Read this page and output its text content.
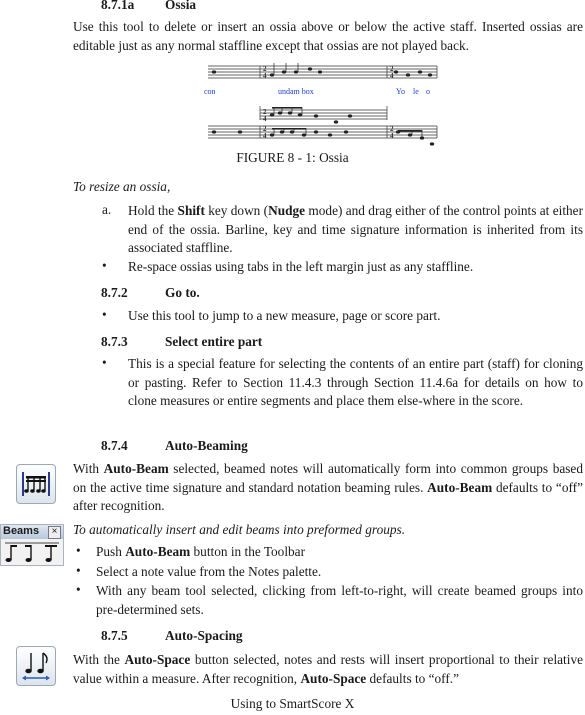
8.7.1a Ossia
Use this tool to delete or insert an ossia above or below the active staff. Inserted ossias are editable just as any normal staffline except that ossias are not played back.
2
4
2
4
2
4
2
4
2
4
con	undam box	Yo le o
FIGURE 8 - 1: Ossia
To resize an ossia,
a. Hold the Shift key down (Nudge mode) and drag either of the control points at either end of the ossia. Barline, key and time signature information is inherited from its associated staffline.
• Re-space ossias using tabs in the left margin just as any staffline.
8.7.2	Go to.
• Use this tool to jump to a new measure, page or score part.
8.7.3	Select entire part
• This is a special feature for selecting the contents of an entire part (staff) for cloning or pasting. Refer to Section 11.4.3 through Section 11.4.6a for details on how to clone measures or entire segments and place them else-where in the score.
8.7.4	Auto-Beaming
With Auto-Beam selected, beamed notes will automatically form into common groups based on the active time signature and standard notation beaming rules. Auto-Beam defaults to “off” after recognition.
Beams	× To automatically insert and edit beams into preformed groups.
• Push Auto-Beam button in the Toolbar
• Select a note value from the Notes palette.
• With any beam tool selected, clicking from left-to-right, will create beamed groups into pre-determined sets.
8.7.5	Auto-Spacing
With the Auto-Space button selected, notes and rests will insert proportional to their relative value within a measure. After recognition, Auto-Space defaults to “off.”
Using to SmartScore X
